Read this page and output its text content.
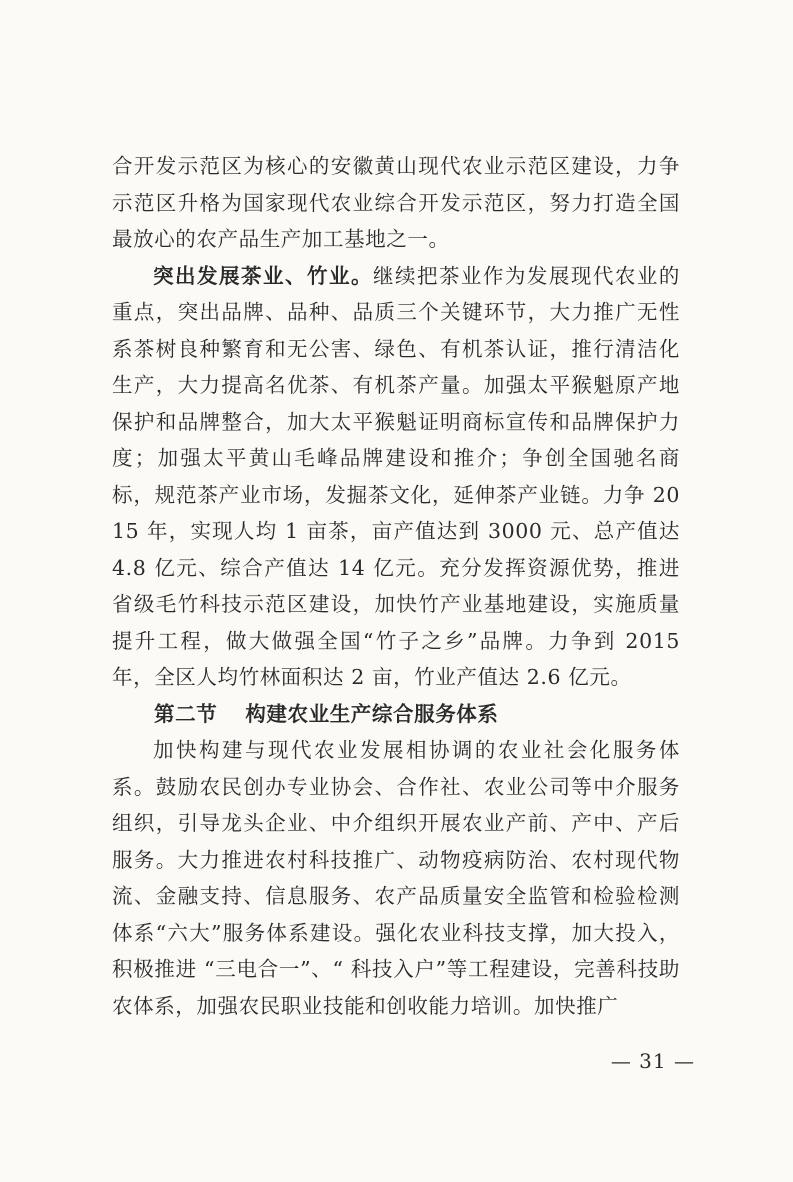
合开发示范区为核心的安徽黄山现代农业示范区建设，力争示范区升格为国家现代农业综合开发示范区，努力打造全国最放心的农产品生产加工基地之一。

突出发展茶业、竹业。继续把茶业作为发展现代农业的重点，突出品牌、品种、品质三个关键环节，大力推广无性系茶树良种繁育和无公害、绿色、有机茶认证，推行清洁化生产，大力提高名优茶、有机茶产量。加强太平猴魁原产地保护和品牌整合，加大太平猴魁证明商标宣传和品牌保护力度；加强太平黄山毛峰品牌建设和推介；争创全国驰名商标，规范茶产业市场，发掘茶文化，延伸茶产业链。力争 2015 年，实现人均 1 亩茶，亩产值达到 3000 元、总产值达 4.8 亿元、综合产值达 14 亿元。充分发挥资源优势，推进省级毛竹科技示范区建设，加快竹产业基地建设，实施质量提升工程，做大做强全国“竹子之乡”品牌。力争到 2015 年，全区人均竹林面积达 2 亩，竹业产值达 2.6 亿元。

第二节 构建农业生产综合服务体系

加快构建与现代农业发展相协调的农业社会化服务体系。鼓励农民创办专业协会、合作社、农业公司等中介服务组织，引导龙头企业、中介组织开展农业产前、产中、产后服务。大力推进农村科技推广、动物疫病防治、农村现代物流、金融支持、信息服务、农产品质量安全监管和检验检测体系“六大”服务体系建设。强化农业科技支撑，加大投入，积极推进 “三电合一”、“ 科技入户”等工程建设，完善科技助农体系，加强农民职业技能和创收能力培训。加快推广

— 31 —
